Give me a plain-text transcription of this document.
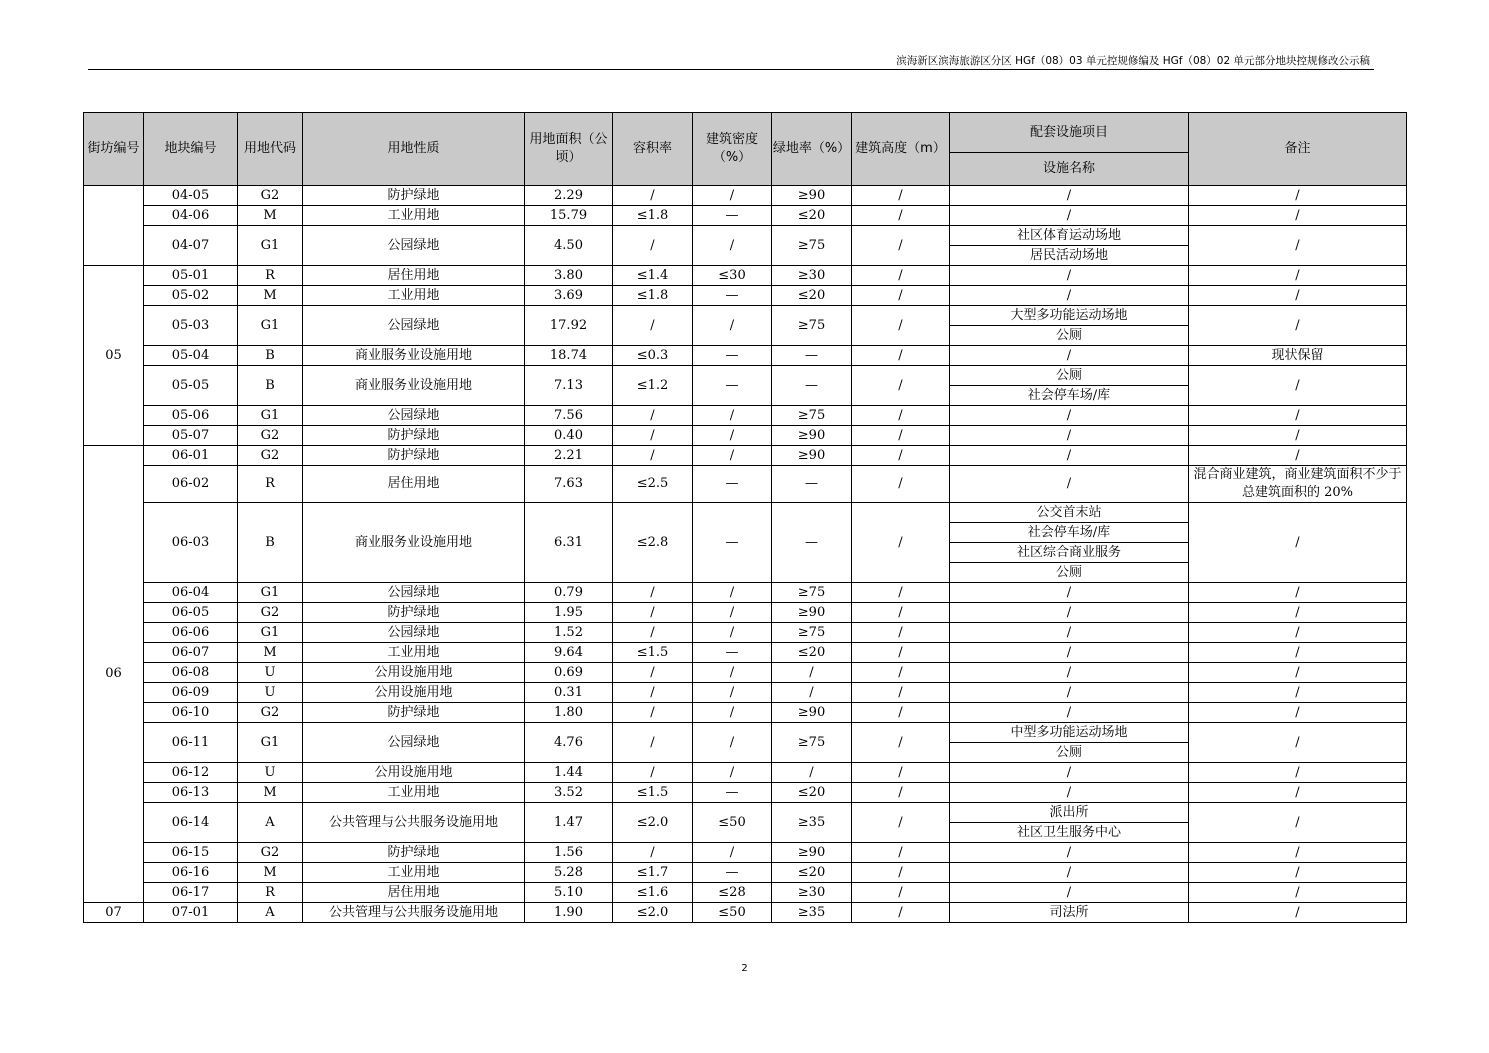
滨海新区滨海旅游区分区 HGf（08）03 单元控规修编及 HGf（08）02 单元部分地块控规修改公示稿
街坊编号	地块编号	用地代码	用地性质	用地面积（公顷）	容积率	建筑密度（%）	绿地率（%）	建筑高度（m）	配套设施项目	备注
									设施名称	
	04-05	G2	防护绿地	2.29	/	/	≥90	/	/	/
	04-06	M	工业用地	15.79	≤1.8	—	≤20	/	/	/
	04-07	G1	公园绿地	4.50	/	/	≥75	/	社区体育运动场地	/
									居民活动场地	
05	05-01	R	居住用地	3.80	≤1.4	≤30	≥30	/	/	/
	05-02	M	工业用地	3.69	≤1.8	—	≤20	/	/	/
	05-03	G1	公园绿地	17.92	/	/	≥75	/	大型多功能运动场地	/
									公厕	
	05-04	B	商业服务业设施用地	18.74	≤0.3	—	—	/	/	现状保留
	05-05	B	商业服务业设施用地	7.13	≤1.2	—	—	/	公厕	/
									社会停车场/库	
	05-06	G1	公园绿地	7.56	/	/	≥75	/	/	/
	05-07	G2	防护绿地	0.40	/	/	≥90	/	/	/
06	06-01	G2	防护绿地	2.21	/	/	≥90	/	/	/
	06-02	R	居住用地	7.63	≤2.5	—	—	/	/	混合商业建筑，商业建筑面积不少于总建筑面积的 20%
	06-03	B	商业服务业设施用地	6.31	≤2.8	—	—	/	公交首末站	/
									社会停车场/库	
									社区综合商业服务	
									公厕	
	06-04	G1	公园绿地	0.79	/	/	≥75	/	/	/
	06-05	G2	防护绿地	1.95	/	/	≥90	/	/	/
	06-06	G1	公园绿地	1.52	/	/	≥75	/	/	/
	06-07	M	工业用地	9.64	≤1.5	—	≤20	/	/	/
	06-08	U	公用设施用地	0.69	/	/	/	/	/	/
	06-09	U	公用设施用地	0.31	/	/	/	/	/	/
	06-10	G2	防护绿地	1.80	/	/	≥90	/	/	/
	06-11	G1	公园绿地	4.76	/	/	≥75	/	中型多功能运动场地	/
									公厕	
	06-12	U	公用设施用地	1.44	/	/	/	/	/	/
	06-13	M	工业用地	3.52	≤1.5	—	≤20	/	/	/
	06-14	A	公共管理与公共服务设施用地	1.47	≤2.0	≤50	≥35	/	派出所	/
									社区卫生服务中心	
	06-15	G2	防护绿地	1.56	/	/	≥90	/	/	/
	06-16	M	工业用地	5.28	≤1.7	—	≤20	/	/	/
	06-17	R	居住用地	5.10	≤1.6	≤28	≥30	/	/	/
07	07-01	A	公共管理与公共服务设施用地	1.90	≤2.0	≤50	≥35	/	司法所	/
2
